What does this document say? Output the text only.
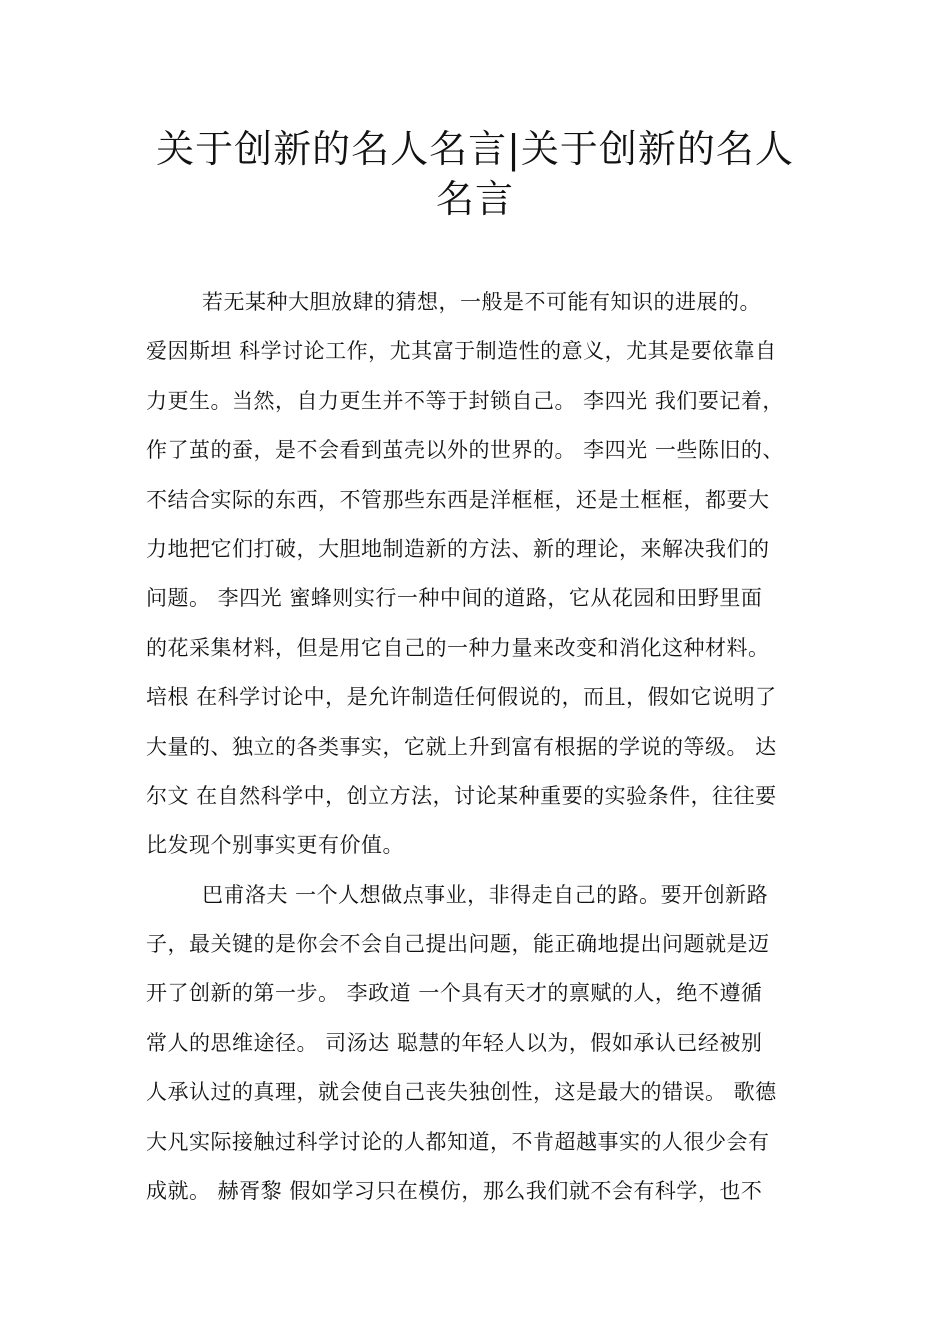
关于创新的名人名言|关于创新的名人
名言
若无某种大胆放肆的猜想，一般是不可能有知识的进展的。
爱因斯坦 科学讨论工作，尤其富于制造性的意义，尤其是要依靠自
力更生。当然，自力更生并不等于封锁自己。 李四光 我们要记着，
作了茧的蚕，是不会看到茧壳以外的世界的。 李四光 一些陈旧的、
不结合实际的东西，不管那些东西是洋框框，还是土框框，都要大
力地把它们打破，大胆地制造新的方法、新的理论，来解决我们的
问题。 李四光 蜜蜂则实行一种中间的道路，它从花园和田野里面
的花采集材料，但是用它自己的一种力量来改变和消化这种材料。
培根 在科学讨论中，是允许制造任何假说的，而且，假如它说明了
大量的、独立的各类事实，它就上升到富有根据的学说的等级。 达
尔文 在自然科学中，创立方法，讨论某种重要的实验条件，往往要
比发现个别事实更有价值。
巴甫洛夫 一个人想做点事业，非得走自己的路。要开创新路
子，最关键的是你会不会自己提出问题，能正确地提出问题就是迈
开了创新的第一步。 李政道 一个具有天才的禀赋的人，绝不遵循
常人的思维途径。 司汤达 聪慧的年轻人以为，假如承认已经被别
人承认过的真理，就会使自己丧失独创性，这是最大的错误。 歌德
大凡实际接触过科学讨论的人都知道，不肯超越事实的人很少会有
成就。 赫胥黎 假如学习只在模仿，那么我们就不会有科学，也不
